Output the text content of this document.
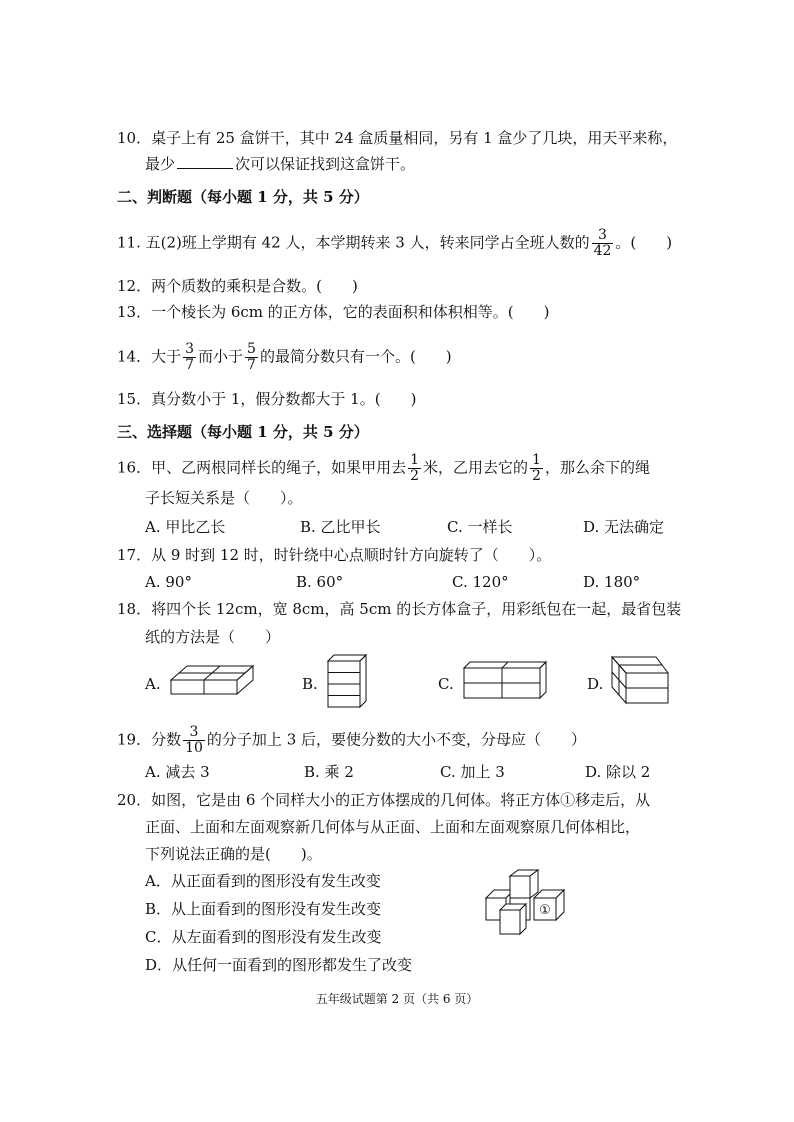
10．桌子上有 25 盒饼干，其中 24 盒质量相同，另有 1 盒少了几块，用天平来称，
最少	次可以保证找到这盒饼干。
二、判断题（每小题 1 分，共 5 分）
11. 五(2)班上学期有 42 人，本学期转来 3 人，转来同学占全班人数的 $\frac{3}{42}$ 。(　　)
12．两个质数的乘积是合数。(　　)
13．一个棱长为 6cm 的正方体，它的表面积和体积相等。(　　)
14．大于 $\frac{3}{7}$ 而小于 $\frac{5}{7}$ 的最简分数只有一个。(　　)
15．真分数小于 1，假分数都大于 1。(　　)
三、选择题（每小题 1 分，共 5 分）
16．甲、乙两根同样长的绳子，如果甲用去 $\frac{1}{2}$ 米，乙用去它的 $\frac{1}{2}$ ，那么余下的绳
子长短关系是（　　）。
A. 甲比乙长	B. 乙比甲长	C. 一样长	D. 无法确定
17．从 9 时到 12 时，时针绕中心点顺时针方向旋转了（　　）。
A. 90°	B. 60°	C. 120°	D. 180°
18．将四个长 12cm，宽 8cm，高 5cm 的长方体盒子，用彩纸包在一起，最省包装
纸的方法是（　　）
A.	B.	C.	D.
19．分数 $\frac{3}{10}$ 的分子加上 3 后，要使分数的大小不变，分母应（　　）
A. 减去 3	B. 乘 2	C. 加上 3	D. 除以 2
20．如图，它是由 6 个同样大小的正方体摆成的几何体。将正方体①移走后，从
正面、上面和左面观察新几何体与从正面、上面和左面观察原几何体相比，
下列说法正确的是(　　)。
A．从正面看到的图形没有发生改变
B．从上面看到的图形没有发生改变
C．从左面看到的图形没有发生改变
D．从任何一面看到的图形都发生了改变
①
五年级试题第 2 页（共 6 页）
